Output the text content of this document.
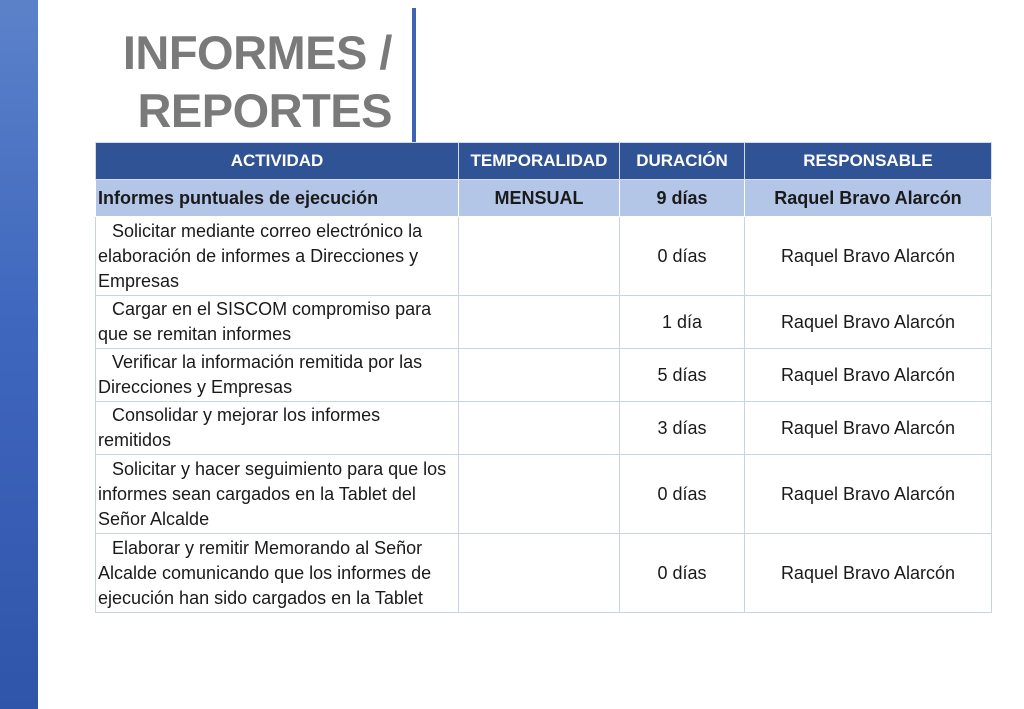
INFORMES /
REPORTES
ACTIVIDAD	TEMPORALIDAD	DURACIÓN	RESPONSABLE
Informes puntuales de ejecución	MENSUAL	9 días	Raquel Bravo Alarcón
Solicitar mediante correo electrónico la elaboración de informes a Direcciones y Empresas		0 días	Raquel Bravo Alarcón
Cargar en el SISCOM compromiso para que se remitan informes		1 día	Raquel Bravo Alarcón
Verificar la información remitida por las Direcciones y Empresas		5 días	Raquel Bravo Alarcón
Consolidar y mejorar los informes remitidos		3 días	Raquel Bravo Alarcón
Solicitar y hacer seguimiento para que los informes sean cargados en la Tablet del Señor Alcalde		0 días	Raquel Bravo Alarcón
Elaborar y remitir Memorando al Señor Alcalde comunicando que los informes de ejecución han sido cargados en la Tablet		0 días	Raquel Bravo Alarcón
